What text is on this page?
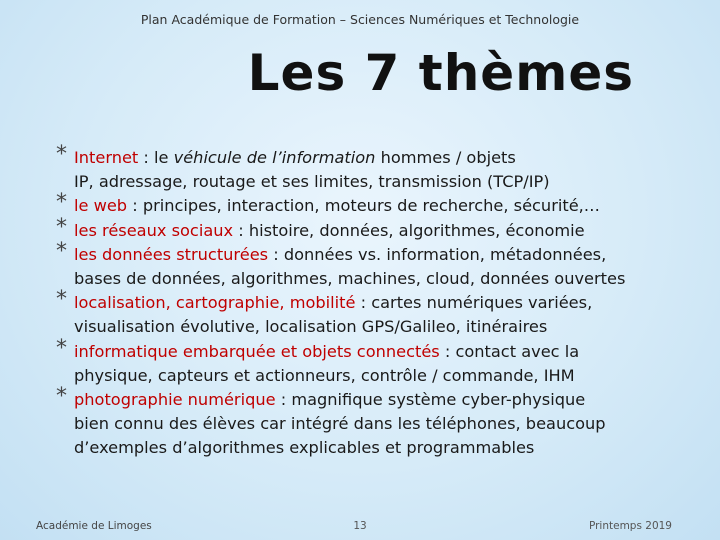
Plan Académique de Formation – Sciences Numériques et Technologie
Les 7 thèmes
* Internet : le véhicule de l’information hommes / objets
IP, adressage, routage et ses limites, transmission (TCP/IP)
* le web : principes, interaction, moteurs de recherche, sécurité,…
* les réseaux sociaux : histoire, données, algorithmes, économie
* les données structurées : données vs. information, métadonnées,
bases de données, algorithmes, machines, cloud, données ouvertes
* localisation, cartographie, mobilité : cartes numériques variées,
visualisation évolutive, localisation GPS/Galileo, itinéraires
* informatique embarquée et objets connectés : contact avec la
physique, capteurs et actionneurs, contrôle / commande, IHM
* photographie numérique : magnifique système cyber-physique
bien connu des élèves car intégré dans les téléphones, beaucoup
d’exemples d’algorithmes explicables et programmables
Académie de Limoges	13	Printemps 2019
